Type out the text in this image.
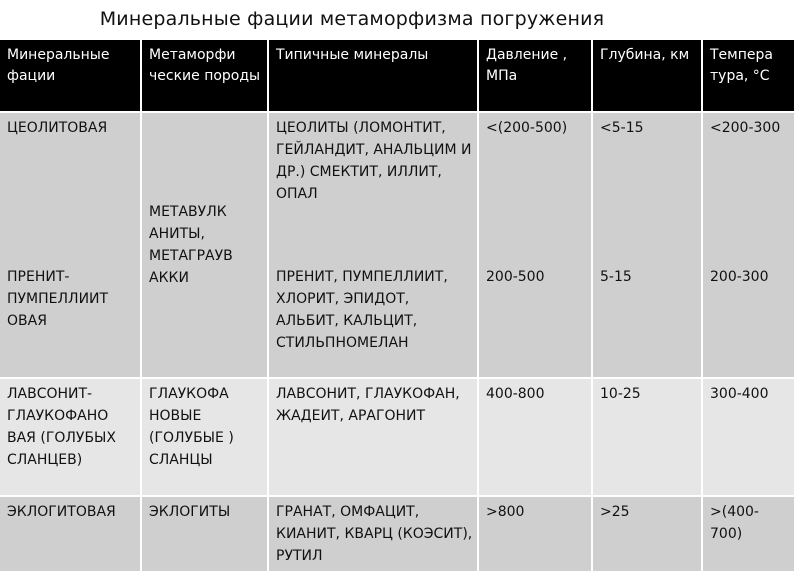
Минеральные фации метаморфизма погружения
Минеральные фации	Метаморфи ческие породы	Типичные минералы	Давление , МПа	Глубина, км	Темпера тура, °С
ЦЕОЛИТОВАЯ	МЕТАВУЛК АНИТЫ, МЕТАГРАУВ АККИ	ЦЕОЛИТЫ (ЛОМОНТИТ, ГЕЙЛАНДИТ, АНАЛЬЦИМ И ДР.) СМЕКТИТ, ИЛЛИТ, ОПАЛ	<(200-500)	<5-15	<200-300
ПРЕНИТ-ПУМПЕЛЛИИТ ОВАЯ		ПРЕНИТ, ПУМПЕЛЛИИТ, ХЛОРИТ, ЭПИДОТ, АЛЬБИТ, КАЛЬЦИТ, СТИЛЬПНОМЕЛАН	200-500	5-15	200-300
ЛАВСОНИТ-ГЛАУКОФАНО ВАЯ (ГОЛУБЫХ СЛАНЦЕВ)	ГЛАУКОФА НОВЫЕ (ГОЛУБЫЕ ) СЛАНЦЫ	ЛАВСОНИТ, ГЛАУКОФАН, ЖАДЕИТ, АРАГОНИТ	400-800	10-25	300-400
ЭКЛОГИТОВАЯ	ЭКЛОГИТЫ	ГРАНАТ, ОМФАЦИТ, КИАНИТ, КВАРЦ (КОЭСИТ), РУТИЛ	>800	>25	>(400-700)
